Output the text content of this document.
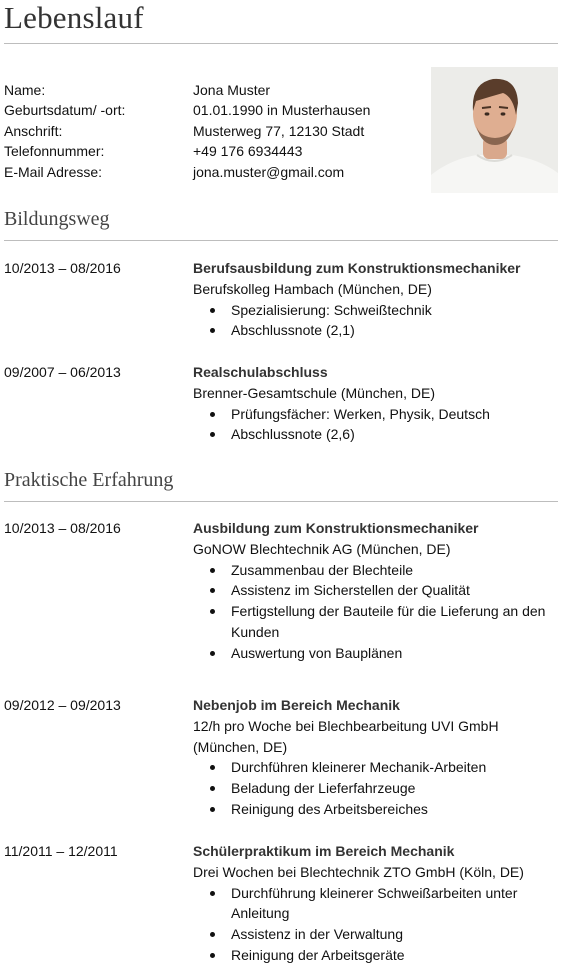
Lebenslauf
Name:	Jona Muster
Geburtsdatum/ -ort:	01.01.1990 in Musterhausen
Anschrift:	Musterweg 77, 12130 Stadt
Telefonnummer:	+49 176 6934443
E-Mail Adresse:	jona.muster@gmail.com
Bildungsweg
10/2013 – 08/2016	Berufsausbildung zum Konstruktionsmechaniker
Berufskolleg Hambach (München, DE)
Spezialisierung: Schweißtechnik
Abschlussnote (2,1)
09/2007 – 06/2013	Realschulabschluss
Brenner-Gesamtschule (München, DE)
Prüfungsfächer: Werken, Physik, Deutsch
Abschlussnote (2,6)
Praktische Erfahrung
10/2013 – 08/2016	Ausbildung zum Konstruktionsmechaniker
GoNOW Blechtechnik AG (München, DE)
Zusammenbau der Blechteile
Assistenz im Sicherstellen der Qualität
Fertigstellung der Bauteile für die Lieferung an den Kunden
Auswertung von Bauplänen
09/2012 – 09/2013	Nebenjob im Bereich Mechanik
12/h pro Woche bei Blechbearbeitung UVI GmbH (München, DE)
Durchführen kleinerer Mechanik-Arbeiten
Beladung der Lieferfahrzeuge
Reinigung des Arbeitsbereiches
11/2011 – 12/2011	Schülerpraktikum im Bereich Mechanik
Drei Wochen bei Blechtechnik ZTO GmbH (Köln, DE)
Durchführung kleinerer Schweißarbeiten unter Anleitung
Assistenz in der Verwaltung
Reinigung der Arbeitsgeräte
